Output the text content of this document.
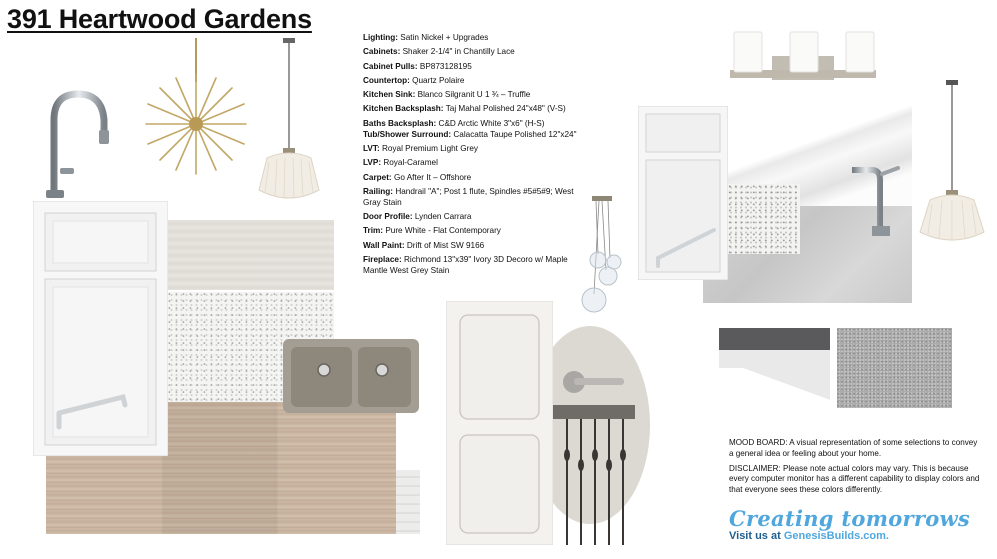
391 Heartwood Gardens
Lighting: Satin Nickel + Upgrades
Cabinets: Shaker 2-1/4" in Chantilly Lace
Cabinet Pulls: BP873128195
Countertop: Quartz Polaire
Kitchen Sink: Blanco Silgranit U 1 ¾ – Truffle
Kitchen Backsplash: Taj Mahal Polished 24"x48" (V-S)
Baths Backsplash: C&D Arctic White 3"x6" (H-S)
Tub/Shower Surround: Calacatta Taupe Polished 12"x24"
LVT: Royal Premium Light Grey
LVP: Royal-Caramel
Carpet: Go After It – Offshore
Railing: Handrail "A"; Post 1 flute, Spindles #5#5#9; West Gray Stain
Door Profile: Lynden Carrara
Trim: Pure White - Flat Contemporary
Wall Paint: Drift of Mist SW 9166
Fireplace: Richmond 13"x39" Ivory 3D Decoro w/ Maple Mantle West Grey Stain

MOOD BOARD: A visual representation of some selections to convey a general idea or feeling about your home.

DISCLAIMER: Please note actual colors may vary. This is because every computer monitor has a different capability to display colors and that everyone sees these colors differently.

Creating tomorrows
Visit us at GenesisBuilds.com.
